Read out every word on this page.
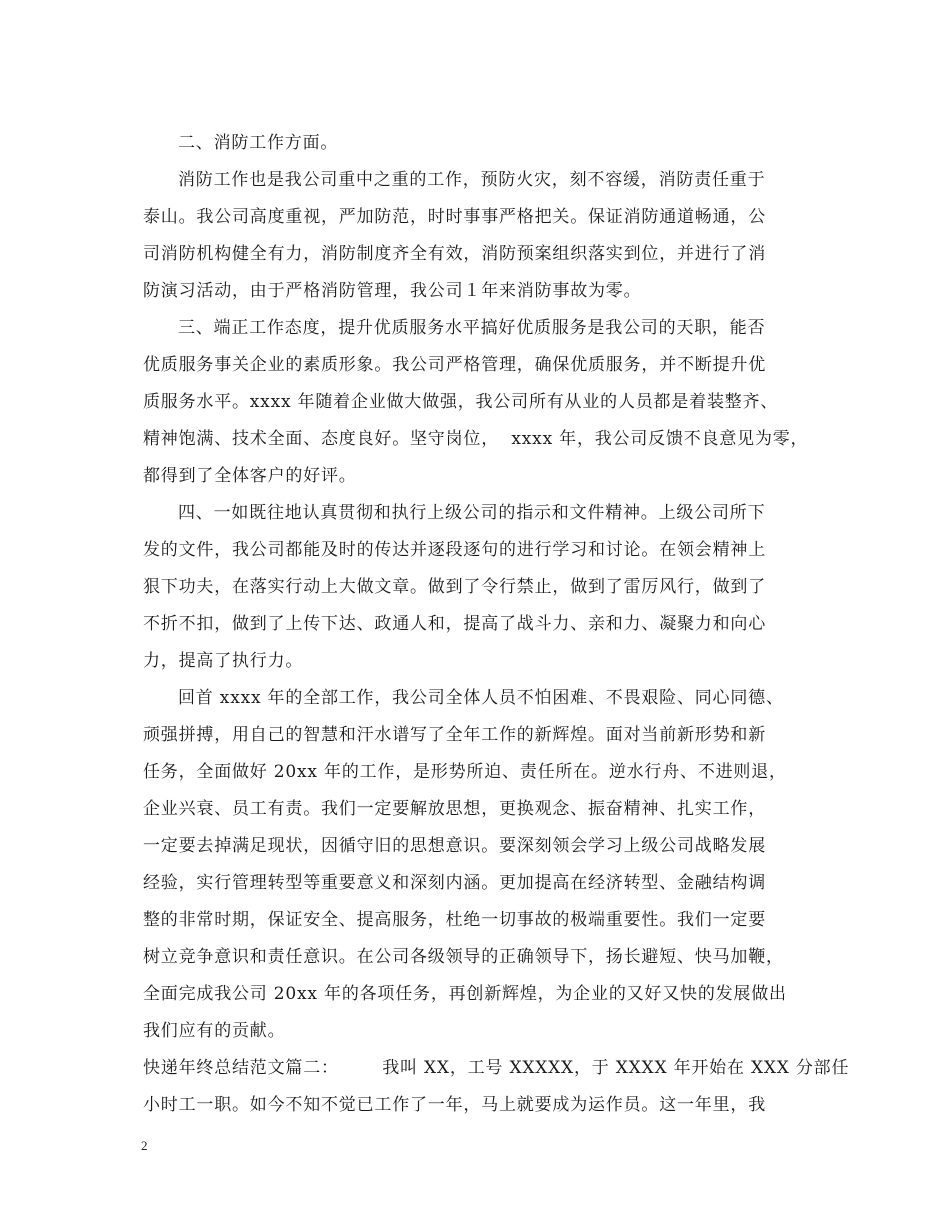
二、消防工作方面。
消防工作也是我公司重中之重的工作，预防火灾，刻不容缓，消防责任重于
泰山。我公司高度重视，严加防范，时时事事严格把关。保证消防通道畅通，公
司消防机构健全有力，消防制度齐全有效，消防预案组织落实到位，并进行了消
防演习活动，由于严格消防管理，我公司１年来消防事故为零。
三、端正工作态度，提升优质服务水平搞好优质服务是我公司的天职，能否
优质服务事关企业的素质形象。我公司严格管理，确保优质服务，并不断提升优
质服务水平。xxxx 年随着企业做大做强，我公司所有从业的人员都是着装整齐、
精神饱满、技术全面、态度良好。坚守岗位，  xxxx 年，我公司反馈不良意见为零，
都得到了全体客户的好评。
四、一如既往地认真贯彻和执行上级公司的指示和文件精神。上级公司所下
发的文件，我公司都能及时的传达并逐段逐句的进行学习和讨论。在领会精神上
狠下功夫，在落实行动上大做文章。做到了令行禁止，做到了雷厉风行，做到了
不折不扣，做到了上传下达、政通人和，提高了战斗力、亲和力、凝聚力和向心
力，提高了执行力。
回首 xxxx 年的全部工作，我公司全体人员不怕困难、不畏艰险、同心同德、
顽强拼搏，用自己的智慧和汗水谱写了全年工作的新辉煌。面对当前新形势和新
任务，全面做好 20xx 年的工作，是形势所迫、责任所在。逆水行舟、不进则退，
企业兴衰、员工有责。我们一定要解放思想，更换观念、振奋精神、扎实工作，
一定要去掉满足现状，因循守旧的思想意识。要深刻领会学习上级公司战略发展
经验，实行管理转型等重要意义和深刻内涵。更加提高在经济转型、金融结构调
整的非常时期，保证安全、提高服务，杜绝一切事故的极端重要性。我们一定要
树立竞争意识和责任意识。在公司各级领导的正确领导下，扬长避短、快马加鞭，
全面完成我公司 20xx 年的各项任务，再创新辉煌，为企业的又好又快的发展做出
我们应有的贡献。
快递年终总结范文篇二：       我叫 XX，工号 XXXXX，于 XXXX 年开始在 XXX 分部任
小时工一职。如今不知不觉已工作了一年，马上就要成为运作员。这一年里，我
2
